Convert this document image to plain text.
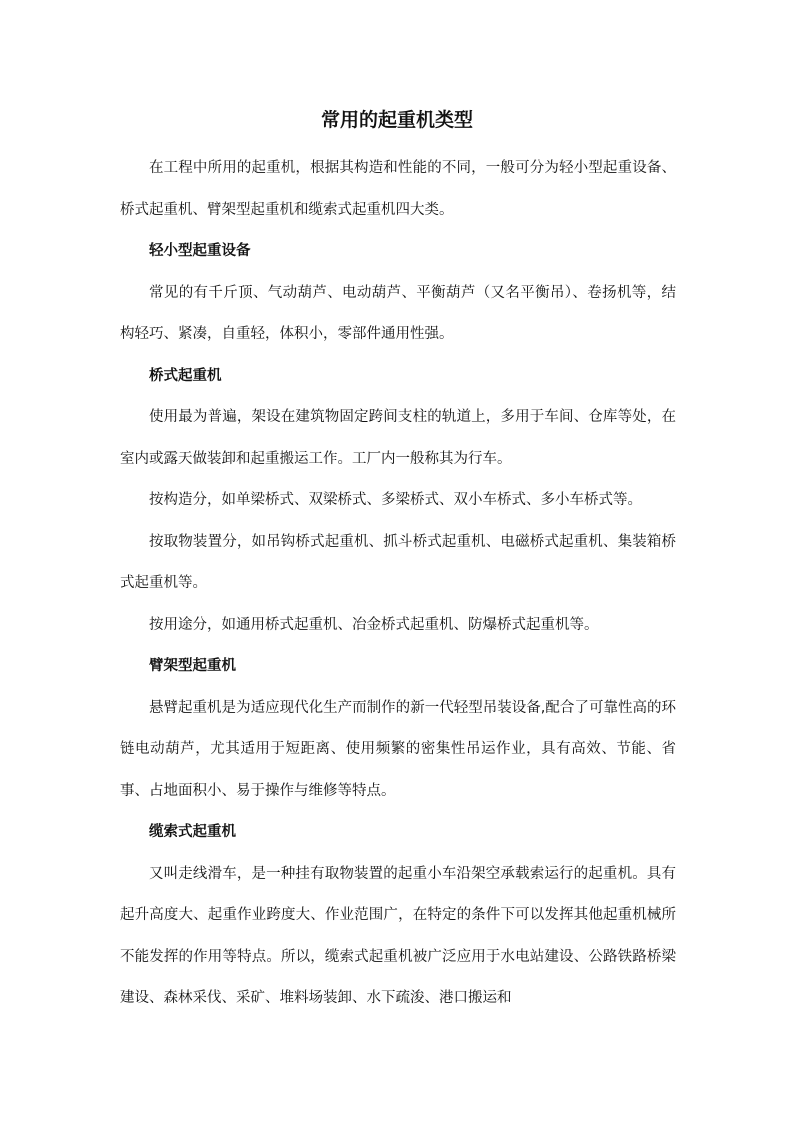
常用的起重机类型

在工程中所用的起重机，根据其构造和性能的不同，一般可分为轻小型起重设备、桥式起重机、臂架型起重机和缆索式起重机四大类。

轻小型起重设备

常见的有千斤顶、气动葫芦、电动葫芦、平衡葫芦（又名平衡吊）、卷扬机等，结构轻巧、紧凑，自重轻，体积小，零部件通用性强。

桥式起重机

使用最为普遍，架设在建筑物固定跨间支柱的轨道上，多用于车间、仓库等处，在室内或露天做装卸和起重搬运工作。工厂内一般称其为行车。

按构造分，如单梁桥式、双梁桥式、多梁桥式、双小车桥式、多小车桥式等。

按取物装置分，如吊钩桥式起重机、抓斗桥式起重机、电磁桥式起重机、集装箱桥式起重机等。

按用途分，如通用桥式起重机、冶金桥式起重机、防爆桥式起重机等。

臂架型起重机

悬臂起重机是为适应现代化生产而制作的新一代轻型吊装设备,配合了可靠性高的环链电动葫芦，尤其适用于短距离、使用频繁的密集性吊运作业，具有高效、节能、省事、占地面积小、易于操作与维修等特点。

缆索式起重机

又叫走线滑车，是一种挂有取物装置的起重小车沿架空承载索运行的起重机。具有起升高度大、起重作业跨度大、作业范围广，在特定的条件下可以发挥其他起重机械所不能发挥的作用等特点。所以，缆索式起重机被广泛应用于水电站建设、公路铁路桥梁建设、森林采伐、采矿、堆料场装卸、水下疏浚、港口搬运和
